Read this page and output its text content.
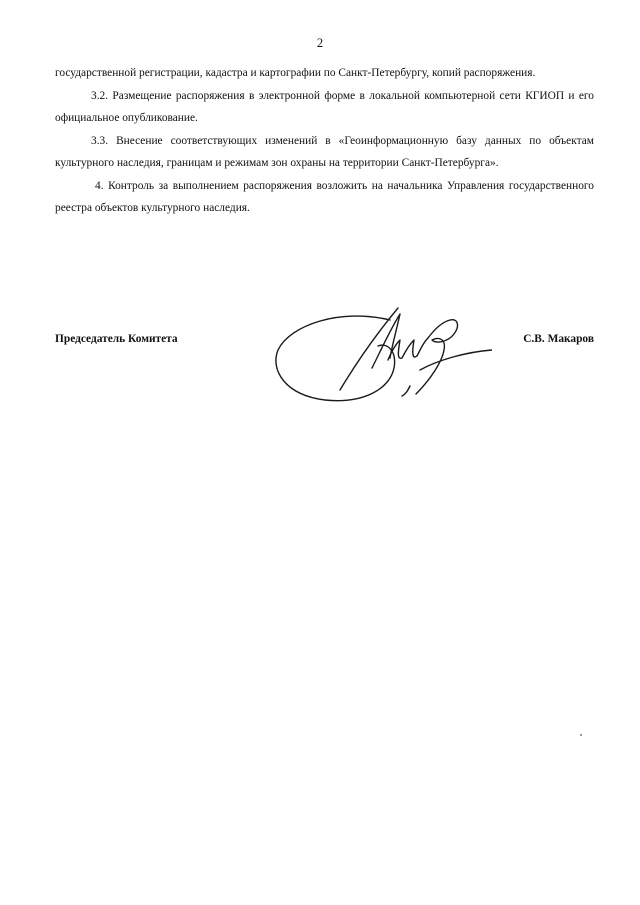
2

государственной регистрации, кадастра и картографии по Санкт-Петербургу, копий распоряжения.

3.2. Размещение распоряжения в электронной форме в локальной компьютерной сети КГИОП и его официальное опубликование.

3.3. Внесение соответствующих изменений в «Геоинформационную базу данных по объектам культурного наследия, границам и режимам зон охраны на территории Санкт-Петербурга».

4. Контроль за выполнением распоряжения возложить на начальника Управления государственного реестра объектов культурного наследия.

Председатель Комитета	С.В. Макаров
